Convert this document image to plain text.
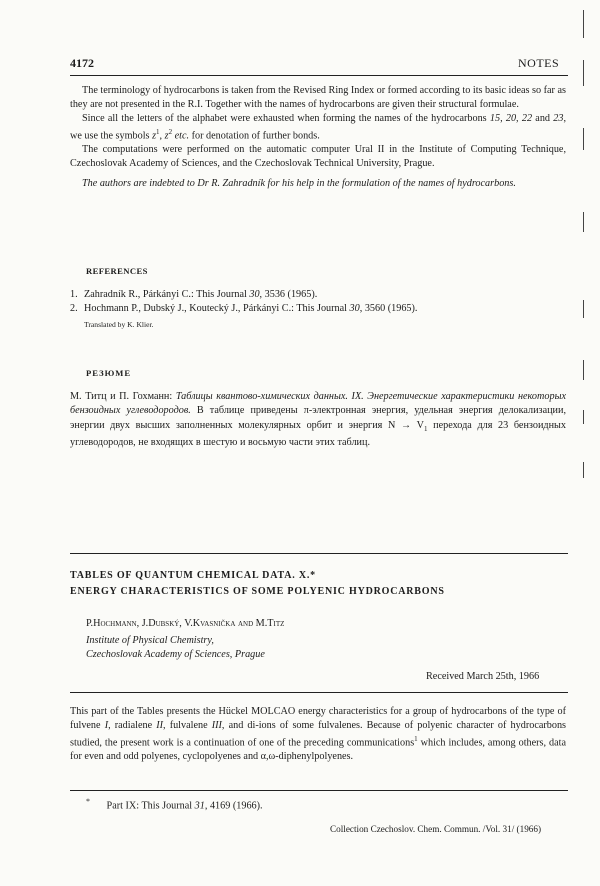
4172	NOTES

The terminology of hydrocarbons is taken from the Revised Ring Index or formed according to its basic ideas so far as they are not presented in the R.I. Together with the names of hydrocarbons are given their structural formulae.

Since all the letters of the alphabet were exhausted when forming the names of the hydrocarbons 15, 20, 22 and 23, we use the symbols $z^1$, $z^2$ etc. for denotation of further bonds.

The computations were performed on the automatic computer Ural II in the Institute of Computing Technique, Czechoslovak Academy of Sciences, and the Czechoslovak Technical University, Prague.

The authors are indebted to Dr R. Zahradník for his help in the formulation of the names of hydrocarbons.

REFERENCES
1. Zahradník R., Párkányi C.: This Journal 30, 3536 (1965).
2. Hochmann P., Dubský J., Koutecký J., Párkányi C.: This Journal 30, 3560 (1965).
Translated by K. Klier.
РЕЗЮМЕ
М. Титц и П. Гохманн: Таблицы квантово-химических данных. IX. Энергетические характеристики некоторых бензоидных углеводородов. В таблице приведены π-электронная энергия, удельная энергия делокализации, энергии двух высших заполненных молекулярных орбит и энергия $N \to V_1$ перехода для 23 бензоидных углеводородов, не входящих в шестую и восьмую части этих таблиц.
TABLES OF QUANTUM CHEMICAL DATA. X.*
ENERGY CHARACTERISTICS OF SOME POLYENIC HYDROCARBONS
P.Hochmann, J.Dubský, V.Kvasnička and M.Titz
Institute of Physical Chemistry,
Czechoslovak Academy of Sciences, Prague
Received March 25th, 1966
This part of the Tables presents the Hückel MOLCAO energy characteristics for a group of hydrocarbons of the type of fulvene I, radialene II, fulvalene III, and di-ions of some fulvalenes. Because of polyenic character of hydrocarbons studied, the present work is a continuation of one of the preceding communications$^1$ which includes, among others, data for even and odd polyenes, cyclopolyenes and α,ω-diphenylpolyenes.
* Part IX: This Journal 31, 4169 (1966).
Collection Czechoslov. Chem. Commun. /Vol. 31/ (1966)
